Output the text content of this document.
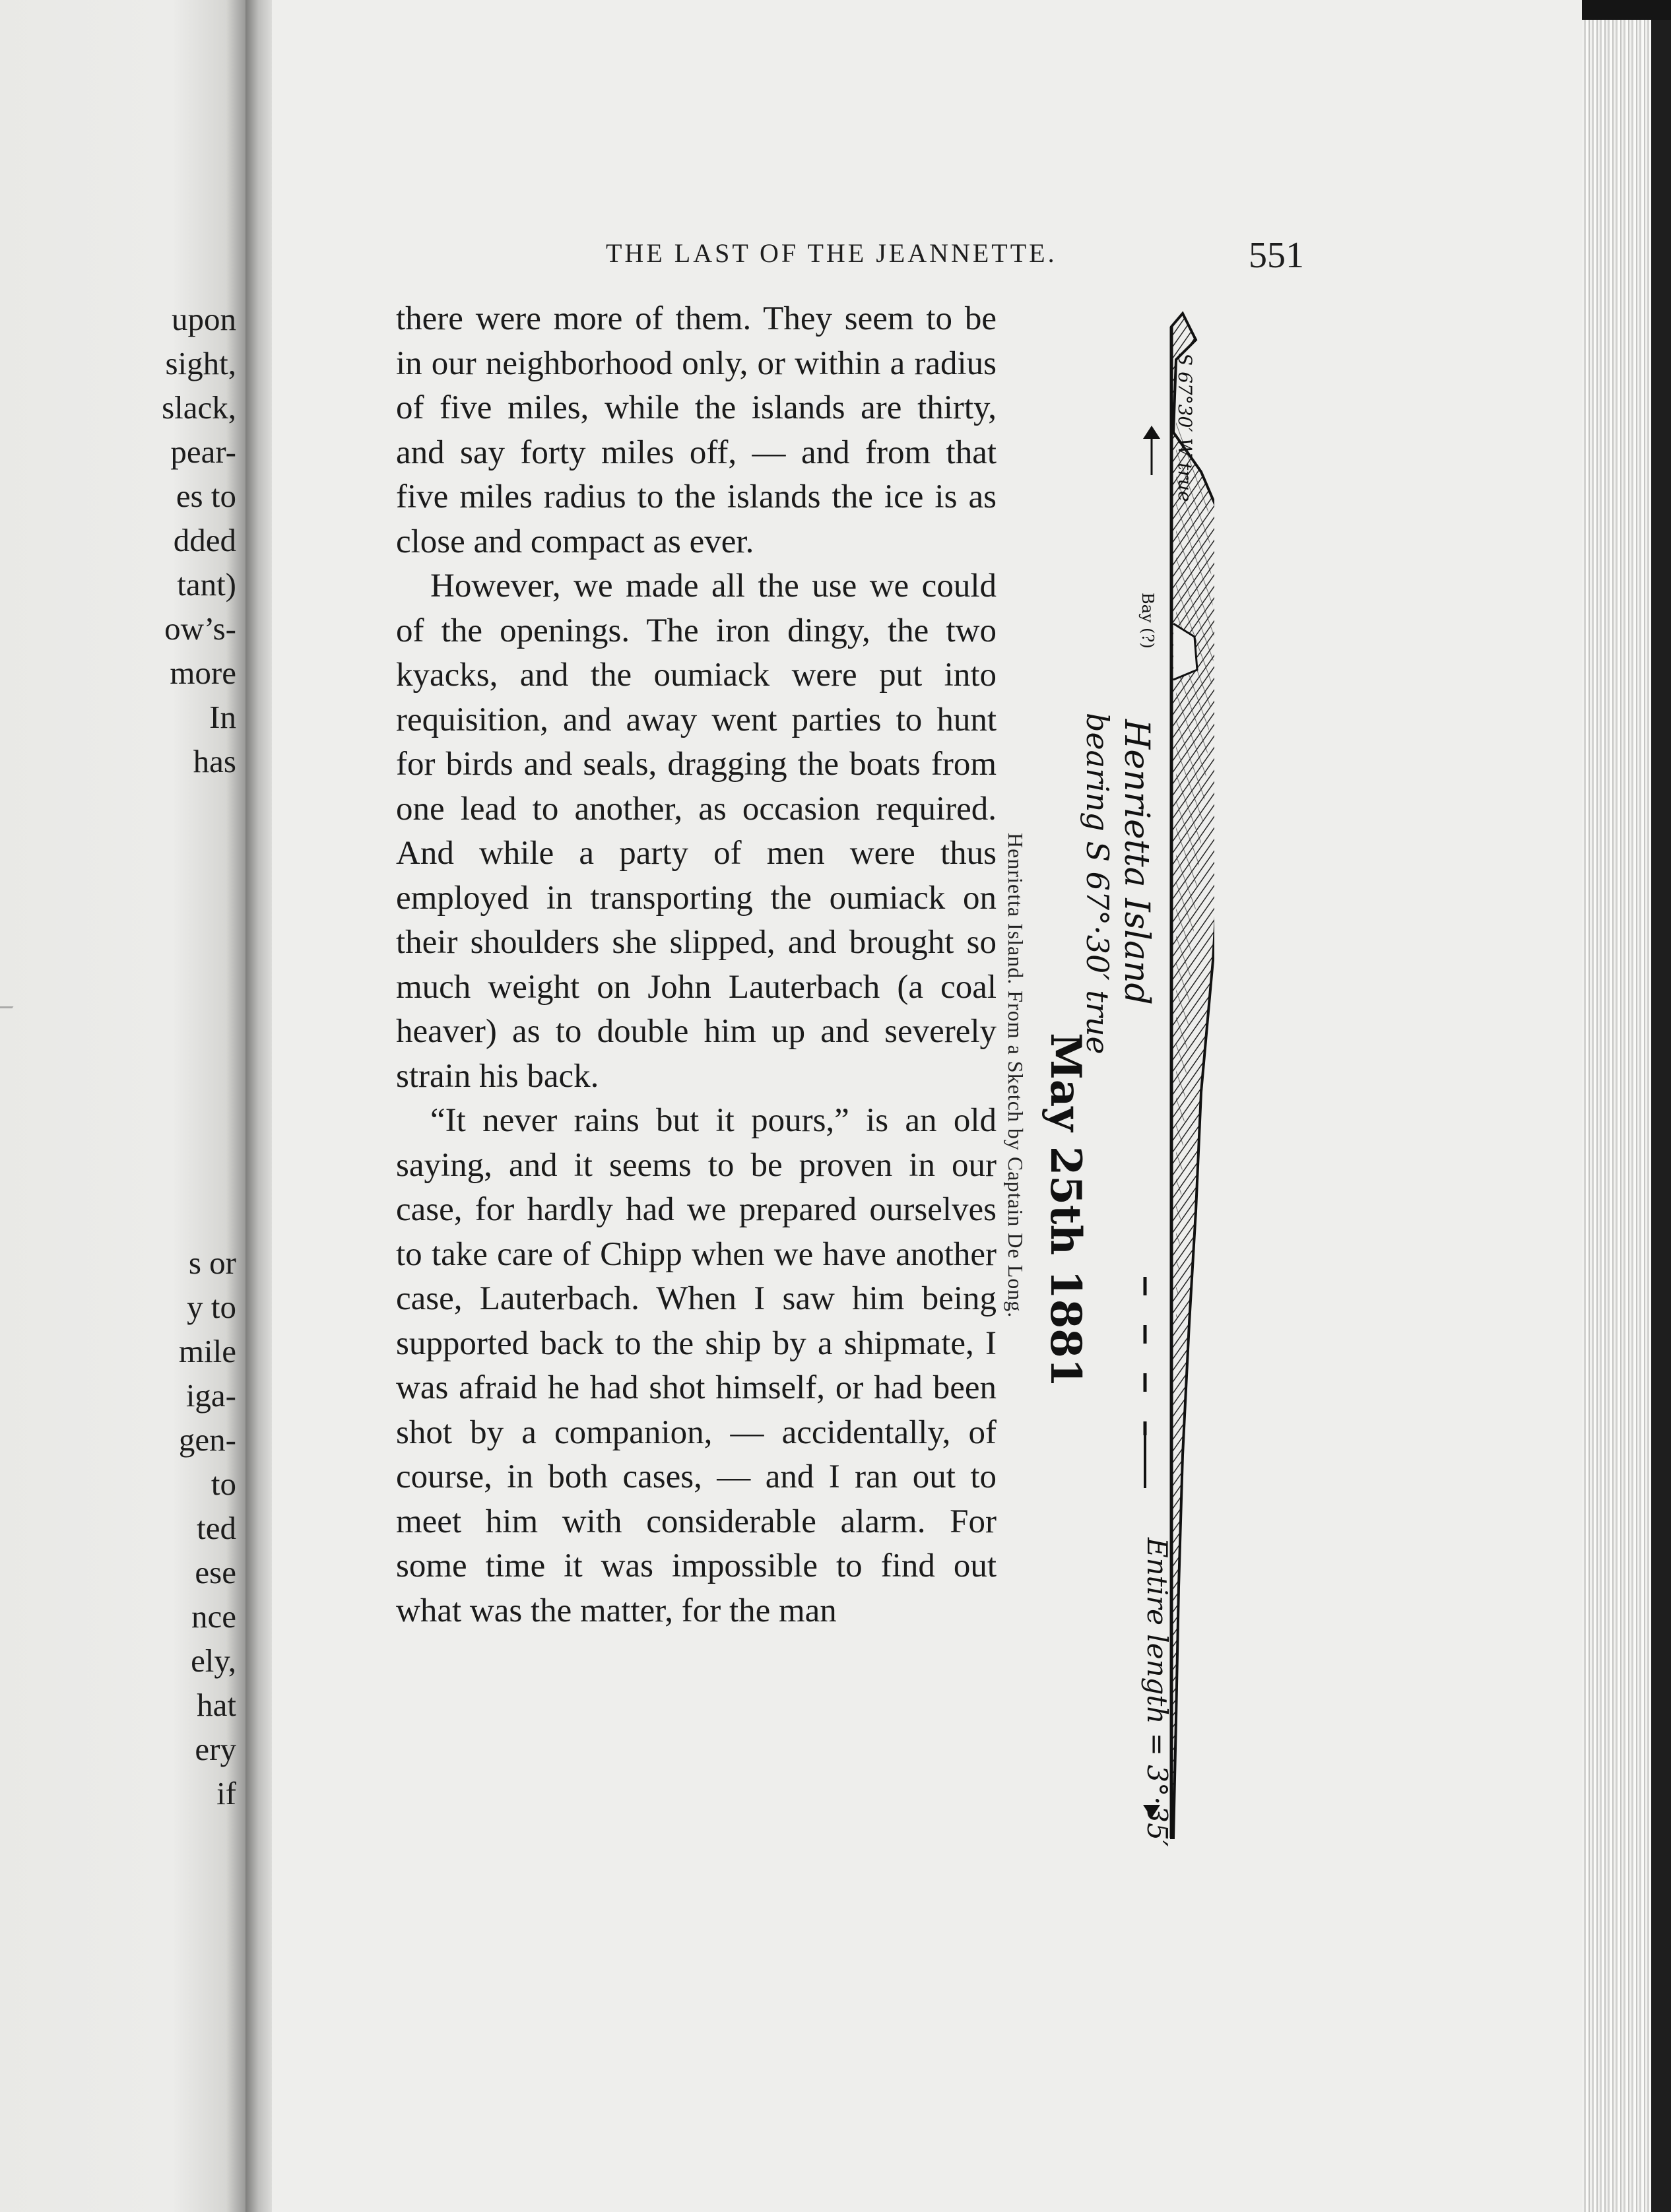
upon
sight,
slack,
pear-
es to
dded
tant)
ow’s-
more
In
has
s or
y to
mile
iga-
gen-
to
ted
ese
nce
ely,
hat
ery
if
THE LAST OF THE JEANNETTE.	551

there were more of them. They seem to be in our neighborhood only, or within a radius of five miles, while the islands are thirty, and say forty miles off, — and from that five miles radius to the islands the ice is as close and compact as ever.

However, we made all the use we could of the openings. The iron dingy, the two kyacks, and the oumiack were put into requisition, and away went parties to hunt for birds and seals, dragging the boats from one lead to another, as occasion required. And while a party of men were thus employed in transporting the oumiack on their shoulders she slipped, and brought so much weight on John Lauterbach (a coal heaver) as to double him up and severely strain his back.

“It never rains but it pours,” is an old saying, and it seems to be proven in our case, for hardly had we prepared ourselves to take care of Chipp when we have another case, Lauterbach. When I saw him being supported back to the ship by a shipmate, I was afraid he had shot himself, or had been shot by a companion, — accidentally, of course, in both cases, — and I ran out to meet him with considerable alarm. For some time it was impossible to find out what was the matter, for the man

Henrietta Island. From a Sketch by Captain De Long.	Henrietta Island
bearing S 67°·30′ true
May 25th 1881
Entire length = 3°·35′
Bay (?)
S 67°30′ W true
